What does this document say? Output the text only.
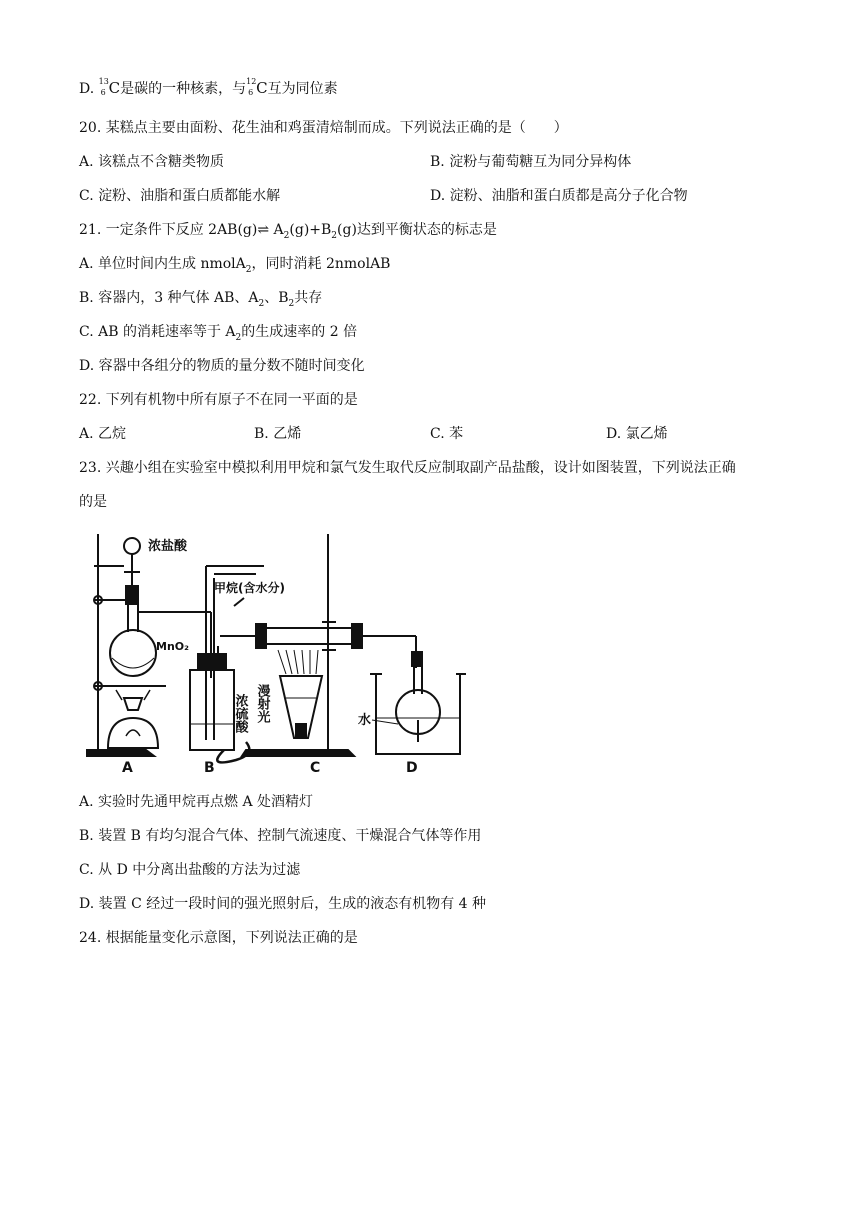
D. 13
6 C是碳的一种核素，与 12
6 C互为同位素
20. 某糕点主要由面粉、花生油和鸡蛋清焙制而成。下列说法正确的是（　　）
A. 该糕点不含糖类物质	B. 淀粉与葡萄糖互为同分异构体
C. 淀粉、油脂和蛋白质都能水解	D. 淀粉、油脂和蛋白质都是高分子化合物
21. 一定条件下反应 2AB(g)⇌ $A_2(g)+B_2(g)$达到平衡状态的标志是
A. 单位时间内生成 nmolA$_2$，同时消耗 2nmolAB
B. 容器内，3 种气体 AB、$A_2$、$B_2$共存
C. AB 的消耗速率等于 $A_2$的生成速率的 2 倍
D. 容器中各组分的物质的量分数不随时间变化
22. 下列有机物中所有原子不在同一平面的是
A. 乙烷	B. 乙烯	C. 苯	D. 氯乙烯
23. 兴趣小组在实验室中模拟利用甲烷和氯气发生取代反应制取副产品盐酸，设计如图装置，下列说法正确
的是
浓盐酸
甲烷(含水分)
MnO₂
浓硫酸 漫射光	水
A	B	C	D
A. 实验时先通甲烷再点燃 A 处酒精灯
B. 装置 B 有均匀混合气体、控制气流速度、干燥混合气体等作用
C. 从 D 中分离出盐酸的方法为过滤
D. 装置 C 经过一段时间的强光照射后，生成的液态有机物有 4 种
24. 根据能量变化示意图，下列说法正确的是
